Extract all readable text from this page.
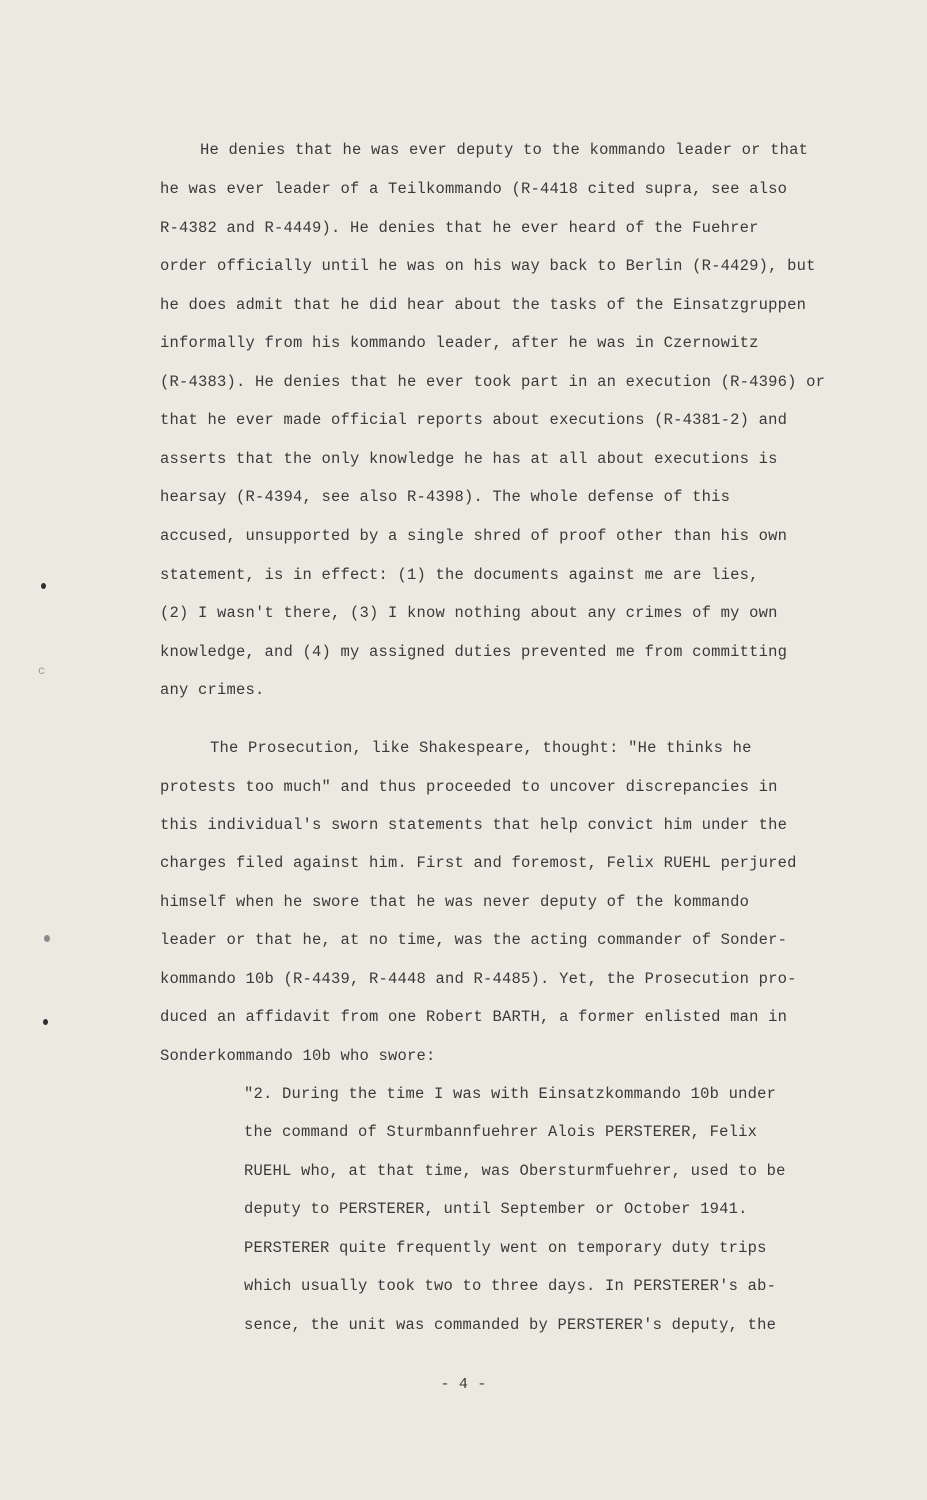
c
He denies that he was ever deputy to the kommando leader or that
he was ever leader of a Teilkommando (R-4418 cited supra, see also
R-4382 and R-4449). He denies that he ever heard of the Fuehrer
order officially until he was on his way back to Berlin (R-4429), but
he does admit that he did hear about the tasks of the Einsatzgruppen
informally from his kommando leader, after he was in Czernowitz
(R-4383). He denies that he ever took part in an execution (R-4396) or
that he ever made official reports about executions (R-4381-2) and
asserts that the only knowledge he has at all about executions is
hearsay (R-4394, see also R-4398). The whole defense of this
accused, unsupported by a single shred of proof other than his own
statement, is in effect: (1) the documents against me are lies,
(2) I wasn't there, (3) I know nothing about any crimes of my own
knowledge, and (4) my assigned duties prevented me from committing
any crimes.
The Prosecution, like Shakespeare, thought: "He thinks he
protests too much" and thus proceeded to uncover discrepancies in
this individual's sworn statements that help convict him under the
charges filed against him. First and foremost, Felix RUEHL perjured
himself when he swore that he was never deputy of the kommando
leader or that he, at no time, was the acting commander of Sonder-
kommando 10b (R-4439, R-4448 and R-4485). Yet, the Prosecution pro-
duced an affidavit from one Robert BARTH, a former enlisted man in
Sonderkommando 10b who swore:
"2. During the time I was with Einsatzkommando 10b under
the command of Sturmbannfuehrer Alois PERSTERER, Felix
RUEHL who, at that time, was Obersturmfuehrer, used to be
deputy to PERSTERER, until September or October 1941.
PERSTERER quite frequently went on temporary duty trips
which usually took two to three days. In PERSTERER's ab-
sence, the unit was commanded by PERSTERER's deputy, the
- 4 -
